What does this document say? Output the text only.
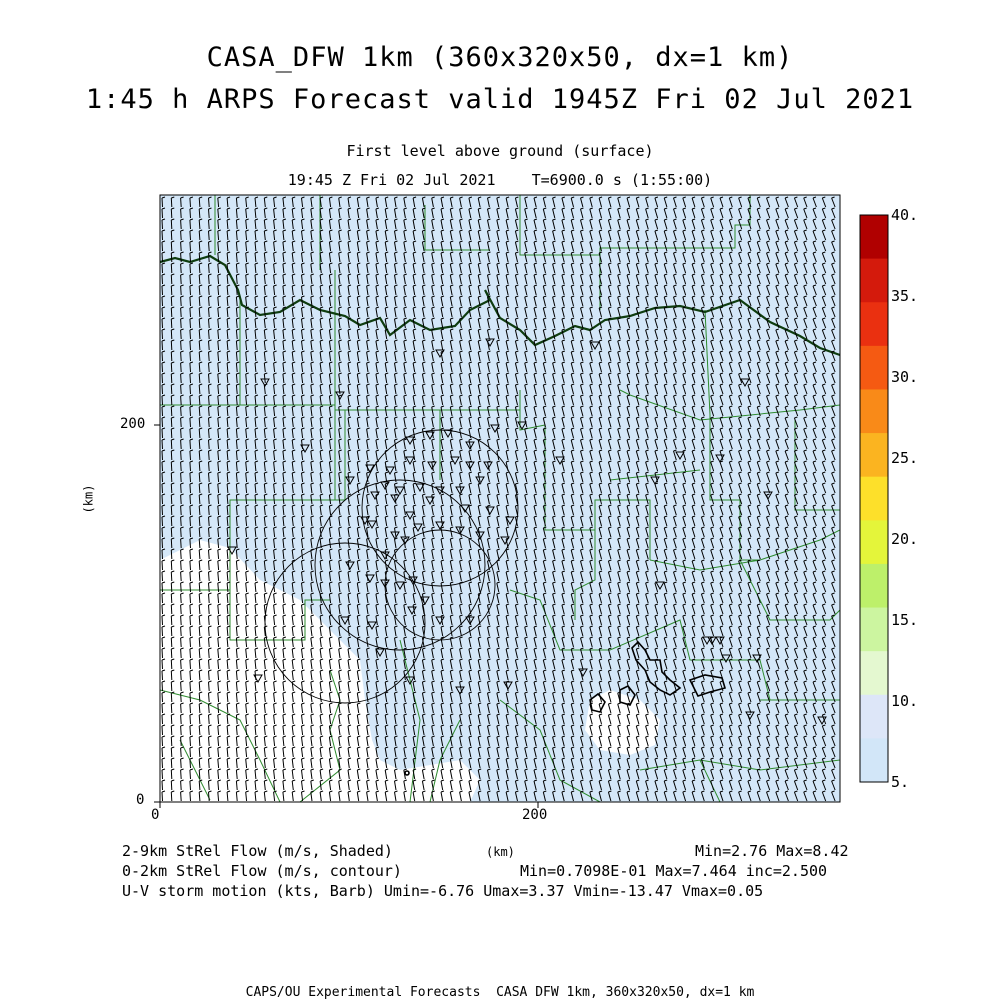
CASA_DFW 1km (360x320x50, dx=1 km)
1:45 h ARPS Forecast valid 1945Z Fri 02 Jul 2021
First level above ground (surface)
19:45 Z Fri 02 Jul 2021    T=6900.0 s (1:55:00)
0	200
0
200
(km)
(km)
40.
35.
30.
25.
20.
15.
10.
5.
2-9km StRel Flow (m/s, Shaded)
0-2km StRel Flow (m/s, contour)
U-V storm motion (kts, Barb) Umin=-6.76 Umax=3.37 Vmin=-13.47 Vmax=0.05
Min=2.76 Max=8.42
Min=0.7098E-01 Max=7.464 inc=2.500
CAPS/OU Experimental Forecasts  CASA DFW 1km, 360x320x50, dx=1 km
